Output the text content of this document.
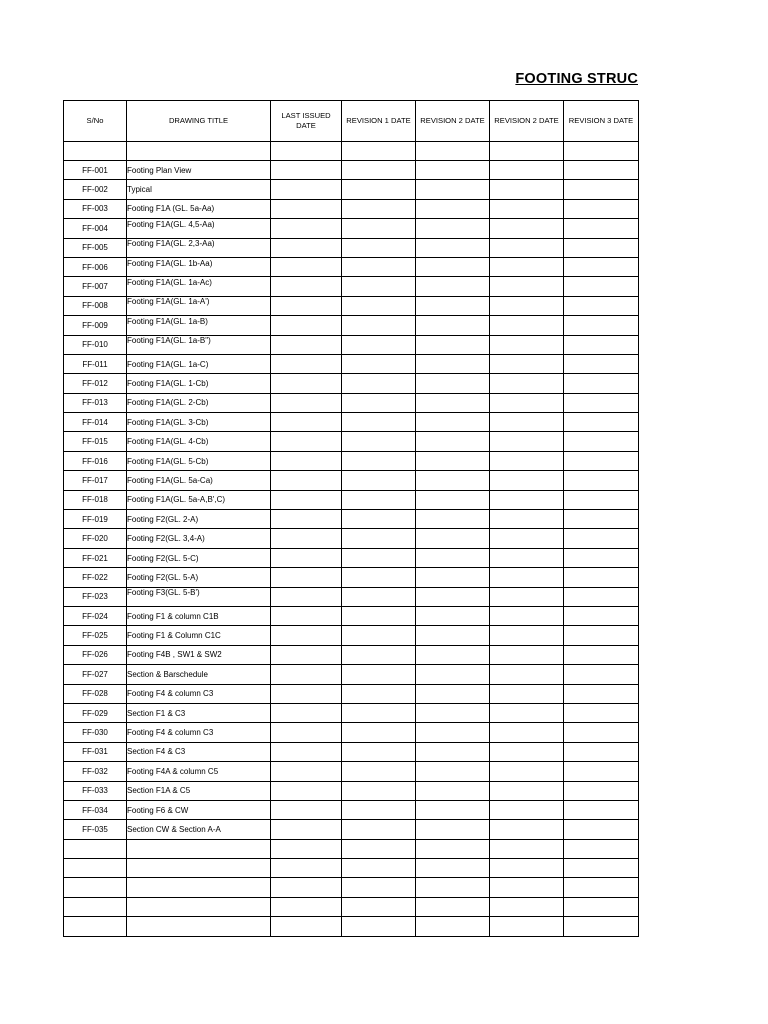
FOOTING STRUC
S/No	DRAWING TITLE	LAST ISSUED DATE	REVISION 1 DATE	REVISION 2 DATE	REVISION 2 DATE	REVISION 3 DATE

FF-001	Footing Plan View					
FF-002	Typical					
FF-003	Footing F1A (GL. 5a-Aa)					
FF-004	Footing F1A(GL. 4,5-Aa)					
FF-005	Footing F1A(GL. 2,3-Aa)					
FF-006	Footing F1A(GL. 1b-Aa)					
FF-007	Footing F1A(GL. 1a-Ac)					
FF-008	Footing F1A(GL. 1a-A')					
FF-009	Footing F1A(GL. 1a-B)					
FF-010	Footing F1A(GL. 1a-B")					
FF-011	Footing F1A(GL. 1a-C)					
FF-012	Footing F1A(GL. 1-Cb)					
FF-013	Footing F1A(GL. 2-Cb)					
FF-014	Footing F1A(GL. 3-Cb)					
FF-015	Footing F1A(GL. 4-Cb)					
FF-016	Footing F1A(GL. 5-Cb)					
FF-017	Footing F1A(GL. 5a-Ca)					
FF-018	Footing F1A(GL. 5a-A,B',C)					
FF-019	Footing F2(GL. 2-A)					
FF-020	Footing F2(GL. 3,4-A)					
FF-021	Footing F2(GL. 5-C)					
FF-022	Footing F2(GL. 5-A)					
FF-023	Footing F3(GL. 5-B')					
FF-024	Footing F1 & column C1B					
FF-025	Footing F1 & Column C1C					
FF-026	Footing F4B , SW1 & SW2					
FF-027	Section & Barschedule					
FF-028	Footing F4 & column C3					
FF-029	Section F1 & C3					
FF-030	Footing F4 & column C3					
FF-031	Section F4 & C3					
FF-032	Footing F4A & column C5					
FF-033	Section F1A & C5					
FF-034	Footing F6 & CW					
FF-035	Section CW & Section A-A					
